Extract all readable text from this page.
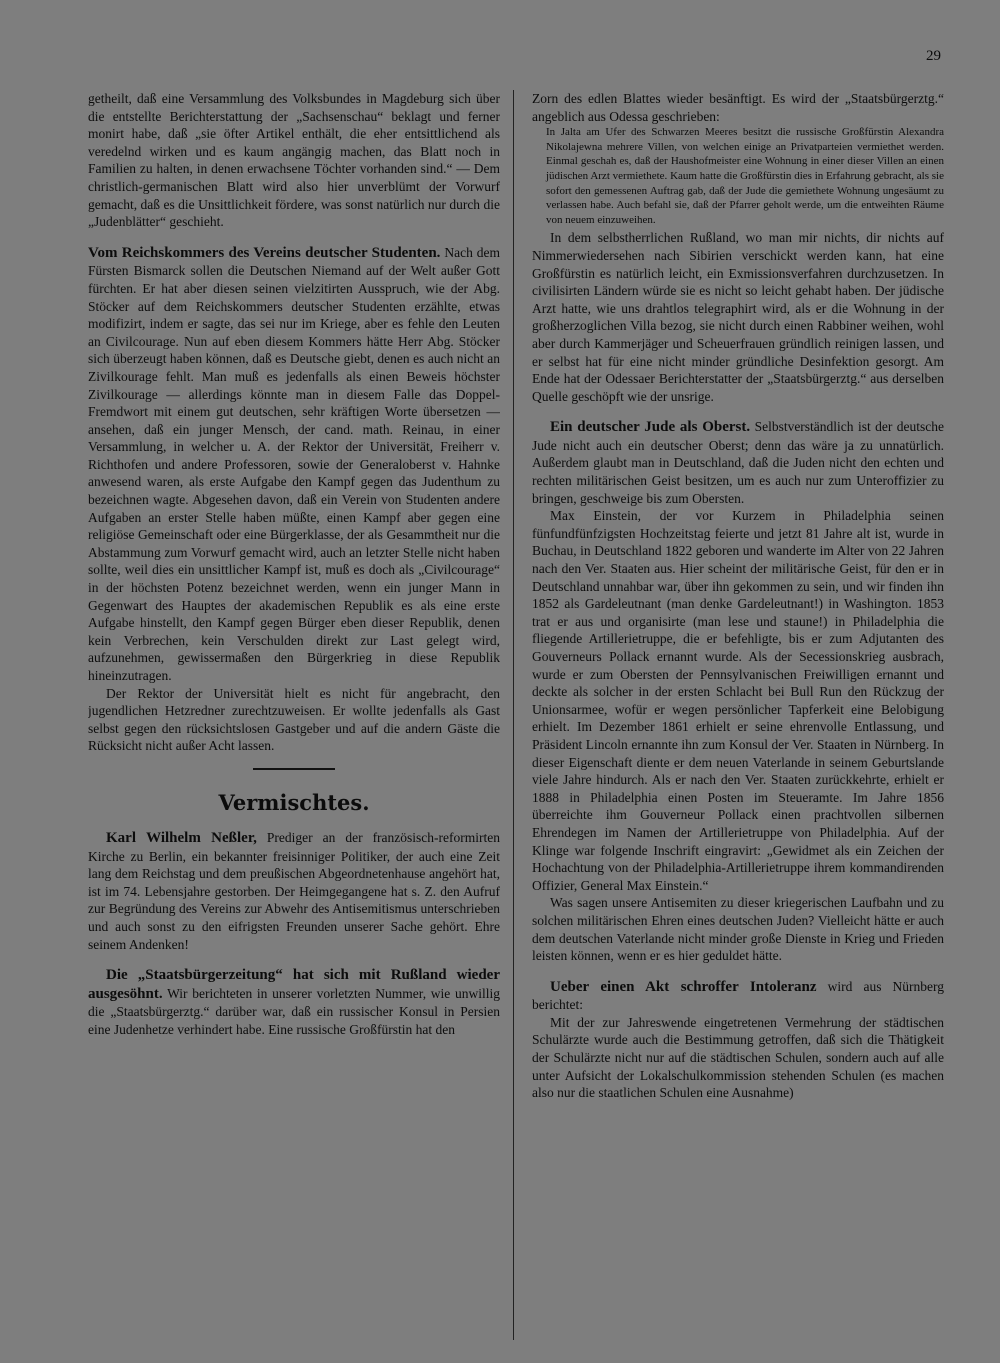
29

getheilt, daß eine Versammlung des Volksbundes in Magdeburg sich über die entstellte Berichterstattung der „Sachsenschau“ beklagt und ferner monirt habe, daß „sie öfter Artikel enthält, die eher entsittlichend als veredelnd wirken und es kaum angängig machen, das Blatt noch in Familien zu halten, in denen erwachsene Töchter vorhanden sind.“ — Dem christlich-germanischen Blatt wird also hier unverblümt der Vorwurf gemacht, daß es die Unsittlichkeit fördere, was sonst natürlich nur durch die „Judenblätter“ geschieht.

Vom Reichskommers des Vereins deutscher Studenten. Nach dem Fürsten Bismarck sollen die Deutschen Niemand auf der Welt außer Gott fürchten. Er hat aber diesen seinen vielzitirten Ausspruch, wie der Abg. Stöcker auf dem Reichskommers deutscher Studenten erzählte, etwas modifizirt, indem er sagte, das sei nur im Kriege, aber es fehle den Leuten an Civilcourage. Nun auf eben diesem Kommers hätte Herr Abg. Stöcker sich überzeugt haben können, daß es Deutsche giebt, denen es auch nicht an Zivilkourage fehlt. Man muß es jedenfalls als einen Beweis höchster Zivilkourage — allerdings könnte man in diesem Falle das Doppel-Fremdwort mit einem gut deutschen, sehr kräftigen Worte übersetzen — ansehen, daß ein junger Mensch, der cand. math. Reinau, in einer Versammlung, in welcher u. A. der Rektor der Universität, Freiherr v. Richthofen und andere Professoren, sowie der Generaloberst v. Hahnke anwesend waren, als erste Aufgabe den Kampf gegen das Judenthum zu bezeichnen wagte. Abgesehen davon, daß ein Verein von Studenten andere Aufgaben an erster Stelle haben müßte, einen Kampf aber gegen eine religiöse Gemeinschaft oder eine Bürgerklasse, der als Gesammtheit nur die Abstammung zum Vorwurf gemacht wird, auch an letzter Stelle nicht haben sollte, weil dies ein unsittlicher Kampf ist, muß es doch als „Civilcourage“ in der höchsten Potenz bezeichnet werden, wenn ein junger Mann in Gegenwart des Hauptes der akademischen Republik es als eine erste Aufgabe hinstellt, den Kampf gegen Bürger eben dieser Republik, denen kein Verbrechen, kein Verschulden direkt zur Last gelegt wird, aufzunehmen, gewissermaßen den Bürgerkrieg in diese Republik hineinzutragen.

Der Rektor der Universität hielt es nicht für angebracht, den jugendlichen Hetzredner zurechtzuweisen. Er wollte jedenfalls als Gast selbst gegen den rücksichtslosen Gastgeber und auf die andern Gäste die Rücksicht nicht außer Acht lassen.

Vermischtes.

Karl Wilhelm Neßler, Prediger an der französisch-reformirten Kirche zu Berlin, ein bekannter freisinniger Politiker, der auch eine Zeit lang dem Reichstag und dem preußischen Abgeordnetenhause angehört hat, ist im 74. Lebensjahre gestorben. Der Heimgegangene hat s. Z. den Aufruf zur Begründung des Vereins zur Abwehr des Antisemitismus unterschrieben und auch sonst zu den eifrigsten Freunden unserer Sache gehört. Ehre seinem Andenken!

Die „Staatsbürgerzeitung“ hat sich mit Rußland wieder ausgesöhnt. Wir berichteten in unserer vorletzten Nummer, wie unwillig die „Staatsbürgerztg.“ darüber war, daß ein russischer Konsul in Persien eine Judenhetze verhindert habe. Eine russische Großfürstin hat den

Zorn des edlen Blattes wieder besänftigt. Es wird der „Staatsbürgerztg.“ angeblich aus Odessa geschrieben:

In Jalta am Ufer des Schwarzen Meeres besitzt die russische Großfürstin Alexandra Nikolajewna mehrere Villen, von welchen einige an Privatparteien vermiethet werden. Einmal geschah es, daß der Haushofmeister eine Wohnung in einer dieser Villen an einen jüdischen Arzt vermiethete. Kaum hatte die Großfürstin dies in Erfahrung gebracht, als sie sofort den gemessenen Auftrag gab, daß der Jude die gemiethete Wohnung ungesäumt zu verlassen habe. Auch befahl sie, daß der Pfarrer geholt werde, um die entweihten Räume von neuem einzuweihen.

In dem selbstherrlichen Rußland, wo man mir nichts, dir nichts auf Nimmerwiedersehen nach Sibirien verschickt werden kann, hat eine Großfürstin es natürlich leicht, ein Exmissionsverfahren durchzusetzen. In civilisirten Ländern würde sie es nicht so leicht gehabt haben. Der jüdische Arzt hatte, wie uns drahtlos telegraphirt wird, als er die Wohnung in der großherzoglichen Villa bezog, sie nicht durch einen Rabbiner weihen, wohl aber durch Kammerjäger und Scheuerfrauen gründlich reinigen lassen, und er selbst hat für eine nicht minder gründliche Desinfektion gesorgt. Am Ende hat der Odessaer Berichterstatter der „Staatsbürgerztg.“ aus derselben Quelle geschöpft wie der unsrige.

Ein deutscher Jude als Oberst. Selbstverständlich ist der deutsche Jude nicht auch ein deutscher Oberst; denn das wäre ja zu unnatürlich. Außerdem glaubt man in Deutschland, daß die Juden nicht den echten und rechten militärischen Geist besitzen, um es auch nur zum Unteroffizier zu bringen, geschweige bis zum Obersten.

Max Einstein, der vor Kurzem in Philadelphia seinen fünfundfünfzigsten Hochzeitstag feierte und jetzt 81 Jahre alt ist, wurde in Buchau, in Deutschland 1822 geboren und wanderte im Alter von 22 Jahren nach den Ver. Staaten aus. Hier scheint der militärische Geist, für den er in Deutschland unnahbar war, über ihn gekommen zu sein, und wir finden ihn 1852 als Gardeleutnant (man denke Gardeleutnant!) in Washington. 1853 trat er aus und organisirte (man lese und staune!) in Philadelphia die fliegende Artillerietruppe, die er befehligte, bis er zum Adjutanten des Gouverneurs Pollack ernannt wurde. Als der Secessionskrieg ausbrach, wurde er zum Obersten der Pennsylvanischen Freiwilligen ernannt und deckte als solcher in der ersten Schlacht bei Bull Run den Rückzug der Unionsarmee, wofür er wegen persönlicher Tapferkeit eine Belobigung erhielt. Im Dezember 1861 erhielt er seine ehrenvolle Entlassung, und Präsident Lincoln ernannte ihn zum Konsul der Ver. Staaten in Nürnberg. In dieser Eigenschaft diente er dem neuen Vaterlande in seinem Geburtslande viele Jahre hindurch. Als er nach den Ver. Staaten zurückkehrte, erhielt er 1888 in Philadelphia einen Posten im Steueramte. Im Jahre 1856 überreichte ihm Gouverneur Pollack einen prachtvollen silbernen Ehrendegen im Namen der Artillerietruppe von Philadelphia. Auf der Klinge war folgende Inschrift eingravirt: „Gewidmet als ein Zeichen der Hochachtung von der Philadelphia-Artillerietruppe ihrem kommandirenden Offizier, General Max Einstein.“

Was sagen unsere Antisemiten zu dieser kriegerischen Laufbahn und zu solchen militärischen Ehren eines deutschen Juden? Vielleicht hätte er auch dem deutschen Vaterlande nicht minder große Dienste in Krieg und Frieden leisten können, wenn er es hier geduldet hätte.

Ueber einen Akt schroffer Intoleranz wird aus Nürnberg berichtet:

Mit der zur Jahreswende eingetretenen Vermehrung der städtischen Schulärzte wurde auch die Bestimmung getroffen, daß sich die Thätigkeit der Schulärzte nicht nur auf die städtischen Schulen, sondern auch auf alle unter Aufsicht der Lokalschulkommission stehenden Schulen (es machen also nur die staatlichen Schulen eine Ausnahme)
